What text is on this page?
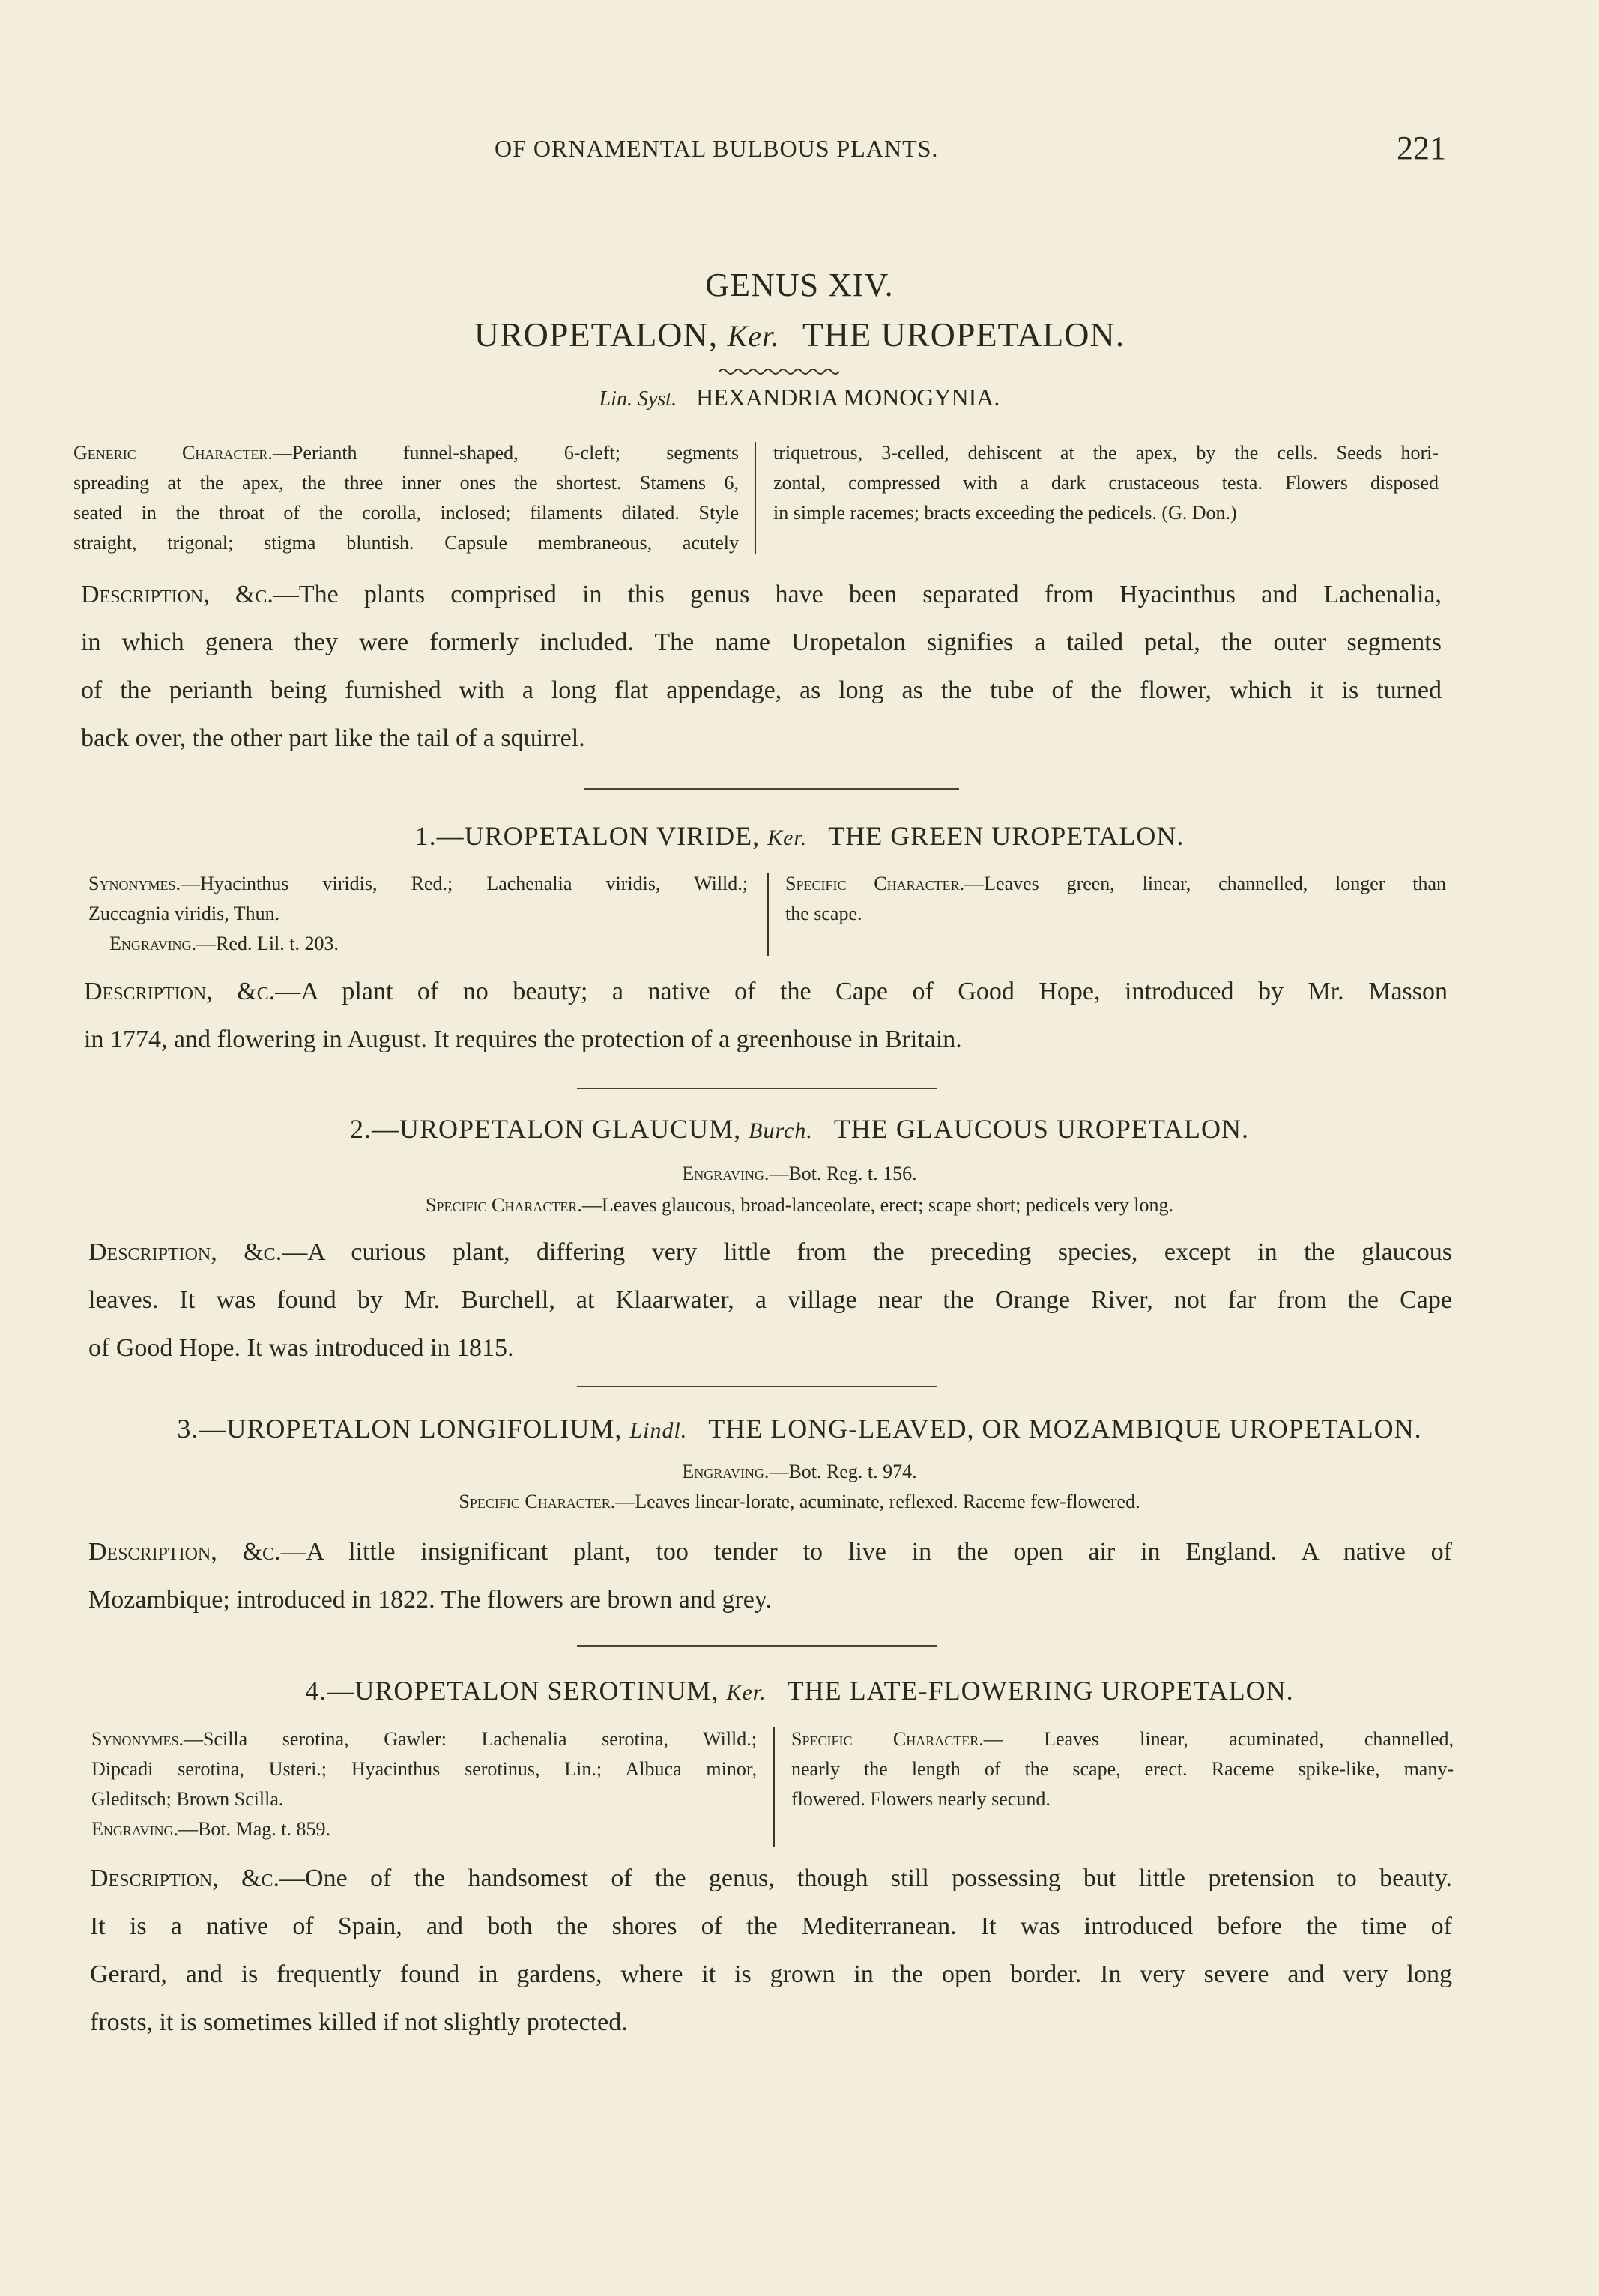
OF ORNAMENTAL BULBOUS PLANTS.	221
GENUS XIV.
UROPETALON, Ker. THE UROPETALON.
Lin. Syst. HEXANDRIA MONOGYNIA.
Generic Character.—Perianth funnel-shaped, 6-cleft; segments
spreading at the apex, the three inner ones the shortest. Stamens 6,
seated in the throat of the corolla, inclosed; filaments dilated. Style
straight, trigonal; stigma bluntish. Capsule membraneous, acutely
triquetrous, 3-celled, dehiscent at the apex, by the cells. Seeds hori-
zontal, compressed with a dark crustaceous testa. Flowers disposed
in simple racemes; bracts exceeding the pedicels. (G. Don.)
Description, &c.—The plants comprised in this genus have been separated from Hyacinthus and Lachenalia,
in which genera they were formerly included. The name Uropetalon signifies a tailed petal, the outer segments
of the perianth being furnished with a long flat appendage, as long as the tube of the flower, which it is turned
back over, the other part like the tail of a squirrel.
1.—UROPETALON VIRIDE, Ker. THE GREEN UROPETALON.
Synonymes.—Hyacinthus viridis, Red.; Lachenalia viridis, Willd.;
Zuccagnia viridis, Thun.
Engraving.—Red. Lil. t. 203.
Specific Character.—Leaves green, linear, channelled, longer than
the scape.
Description, &c.—A plant of no beauty; a native of the Cape of Good Hope, introduced by Mr. Masson
in 1774, and flowering in August. It requires the protection of a greenhouse in Britain.
2.—UROPETALON GLAUCUM, Burch. THE GLAUCOUS UROPETALON.
Engraving.—Bot. Reg. t. 156.
Specific Character.—Leaves glaucous, broad-lanceolate, erect; scape short; pedicels very long.
Description, &c.—A curious plant, differing very little from the preceding species, except in the glaucous
leaves. It was found by Mr. Burchell, at Klaarwater, a village near the Orange River, not far from the Cape
of Good Hope. It was introduced in 1815.
3.—UROPETALON LONGIFOLIUM, Lindl. THE LONG-LEAVED, OR MOZAMBIQUE UROPETALON.
Engraving.—Bot. Reg. t. 974.
Specific Character.—Leaves linear-lorate, acuminate, reflexed. Raceme few-flowered.
Description, &c.—A little insignificant plant, too tender to live in the open air in England. A native of
Mozambique; introduced in 1822. The flowers are brown and grey.
4.—UROPETALON SEROTINUM, Ker. THE LATE-FLOWERING UROPETALON.
Synonymes.—Scilla serotina, Gawler: Lachenalia serotina, Willd.;
Dipcadi serotina, Usteri.; Hyacinthus serotinus, Lin.; Albuca minor,
Gleditsch; Brown Scilla.
Engraving.—Bot. Mag. t. 859.
Specific Character.— Leaves linear, acuminated, channelled,
nearly the length of the scape, erect. Raceme spike-like, many-
flowered. Flowers nearly secund.
Description, &c.—One of the handsomest of the genus, though still possessing but little pretension to beauty.
It is a native of Spain, and both the shores of the Mediterranean. It was introduced before the time of
Gerard, and is frequently found in gardens, where it is grown in the open border. In very severe and very long
frosts, it is sometimes killed if not slightly protected.
